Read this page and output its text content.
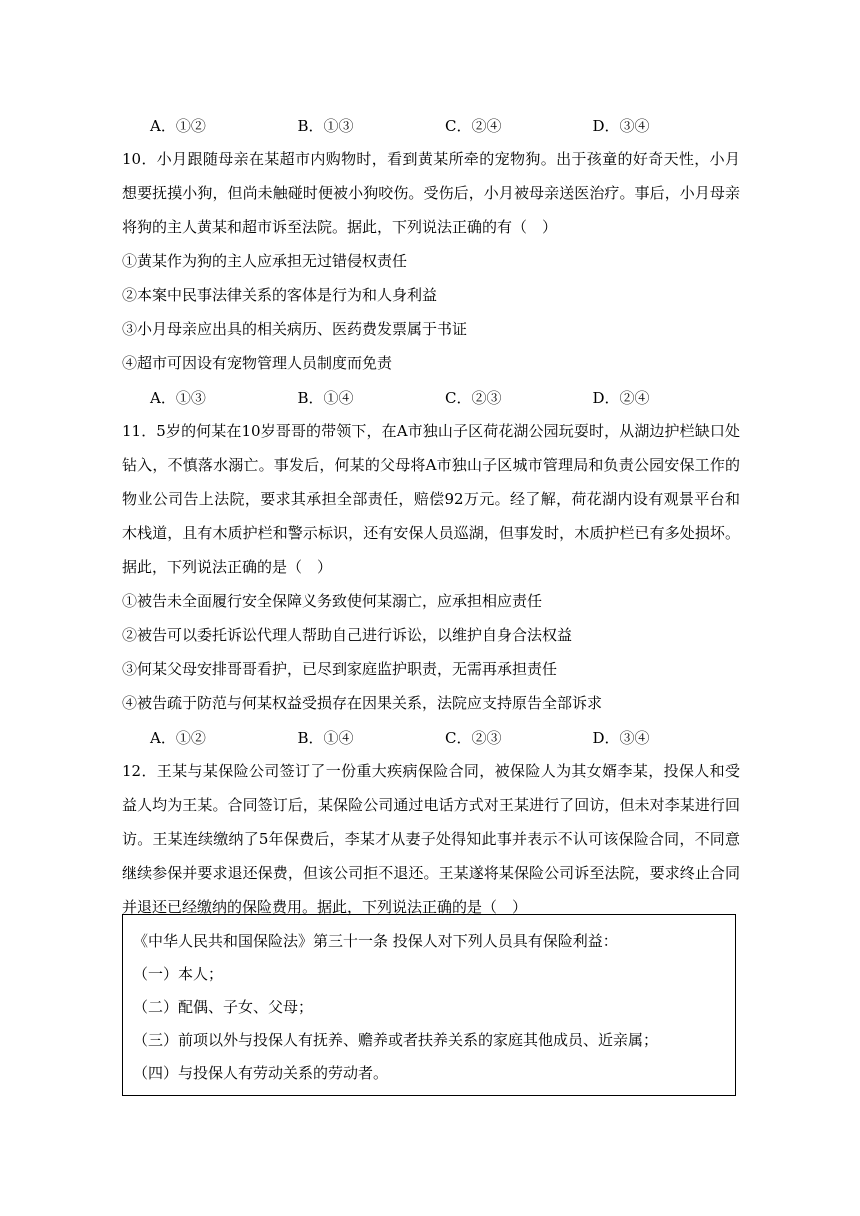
A．①②	B．①③	C．②④	D．③④

10．小月跟随母亲在某超市内购物时，看到黄某所牵的宠物狗。出于孩童的好奇天性，小月想要抚摸小狗，但尚未触碰时便被小狗咬伤。受伤后，小月被母亲送医治疗。事后，小月母亲将狗的主人黄某和超市诉至法院。据此，下列说法正确的有（　）

①黄某作为狗的主人应承担无过错侵权责任

②本案中民事法律关系的客体是行为和人身利益

③小月母亲应出具的相关病历、医药费发票属于书证

④超市可因设有宠物管理人员制度而免责

A．①③	B．①④	C．②③	D．②④

11．5岁的何某在10岁哥哥的带领下，在A市独山子区荷花湖公园玩耍时，从湖边护栏缺口处钻入，不慎落水溺亡。事发后，何某的父母将A市独山子区城市管理局和负责公园安保工作的物业公司告上法院，要求其承担全部责任，赔偿92万元。经了解，荷花湖内设有观景平台和木栈道，且有木质护栏和警示标识，还有安保人员巡湖，但事发时，木质护栏已有多处损坏。据此，下列说法正确的是（　）

①被告未全面履行安全保障义务致使何某溺亡，应承担相应责任

②被告可以委托诉讼代理人帮助自己进行诉讼，以维护自身合法权益

③何某父母安排哥哥看护，已尽到家庭监护职责，无需再承担责任

④被告疏于防范与何某权益受损存在因果关系，法院应支持原告全部诉求

A．①②	B．①④	C．②③	D．③④

12．王某与某保险公司签订了一份重大疾病保险合同，被保险人为其女婿李某，投保人和受益人均为王某。合同签订后，某保险公司通过电话方式对王某进行了回访，但未对李某进行回访。王某连续缴纳了5年保费后，李某才从妻子处得知此事并表示不认可该保险合同，不同意继续参保并要求退还保费，但该公司拒不退还。王某遂将某保险公司诉至法院，要求终止合同并退还已经缴纳的保险费用。据此，下列说法正确的是（　）

《中华人民共和国保险法》第三十一条 投保人对下列人员具有保险利益：

（一）本人；

（二）配偶、子女、父母；

（三）前项以外与投保人有抚养、赡养或者扶养关系的家庭其他成员、近亲属；

（四）与投保人有劳动关系的劳动者。
